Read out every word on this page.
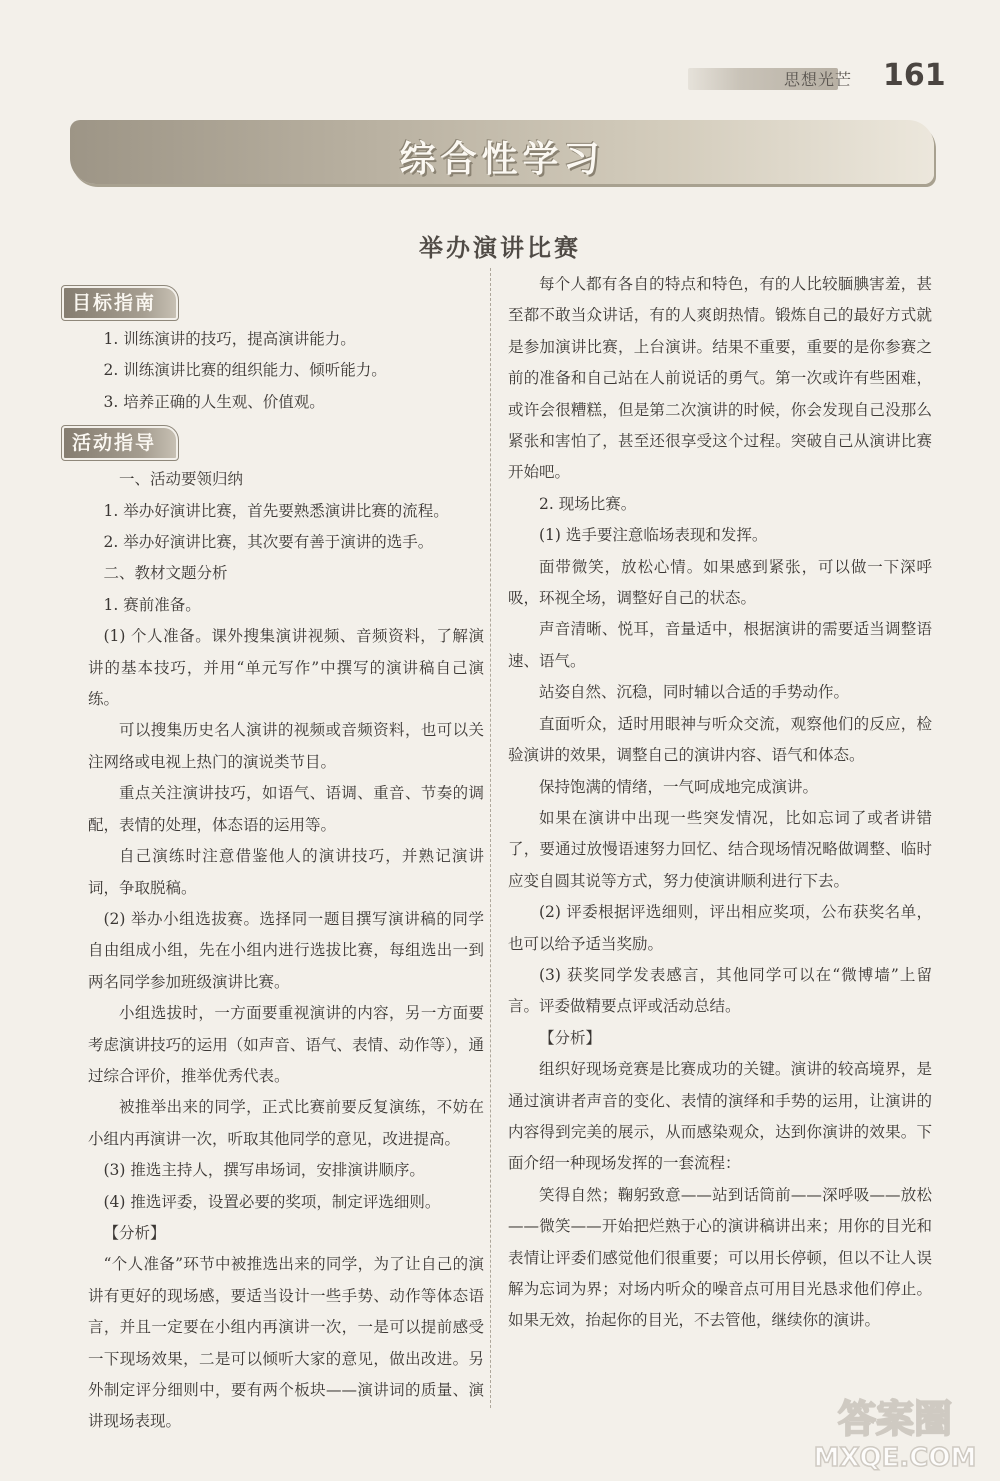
思想光芒 161
综合性学习
举办演讲比赛
目标指南

1. 训练演讲的技巧，提高演讲能力。

2. 训练演讲比赛的组织能力、倾听能力。

3. 培养正确的人生观、价值观。

活动指导

一、活动要领归纳

1. 举办好演讲比赛，首先要熟悉演讲比赛的流程。

2. 举办好演讲比赛，其次要有善于演讲的选手。

二、教材文题分析

1. 赛前准备。

(1) 个人准备。课外搜集演讲视频、音频资料，了解演讲的基本技巧，并用“单元写作”中撰写的演讲稿自己演练。

可以搜集历史名人演讲的视频或音频资料，也可以关注网络或电视上热门的演说类节目。

重点关注演讲技巧，如语气、语调、重音、节奏的调配，表情的处理，体态语的运用等。

自己演练时注意借鉴他人的演讲技巧，并熟记演讲词，争取脱稿。

(2) 举办小组选拔赛。选择同一题目撰写演讲稿的同学自由组成小组，先在小组内进行选拔比赛，每组选出一到两名同学参加班级演讲比赛。

小组选拔时，一方面要重视演讲的内容，另一方面要考虑演讲技巧的运用（如声音、语气、表情、动作等），通过综合评价，推举优秀代表。

被推举出来的同学，正式比赛前要反复演练，不妨在小组内再演讲一次，听取其他同学的意见，改进提高。

(3) 推选主持人，撰写串场词，安排演讲顺序。

(4) 推选评委，设置必要的奖项，制定评选细则。

【分析】

“个人准备”环节中被推选出来的同学，为了让自己的演讲有更好的现场感，要适当设计一些手势、动作等体态语言，并且一定要在小组内再演讲一次，一是可以提前感受一下现场效果，二是可以倾听大家的意见，做出改进。另外制定评分细则中，要有两个板块——演讲词的质量、演讲现场表现。

每个人都有各自的特点和特色，有的人比较腼腆害羞，甚至都不敢当众讲话，有的人爽朗热情。锻炼自己的最好方式就是参加演讲比赛，上台演讲。结果不重要，重要的是你参赛之前的准备和自己站在人前说话的勇气。第一次或许有些困难，或许会很糟糕，但是第二次演讲的时候，你会发现自己没那么紧张和害怕了，甚至还很享受这个过程。突破自己从演讲比赛开始吧。

2. 现场比赛。

(1) 选手要注意临场表现和发挥。

面带微笑，放松心情。如果感到紧张，可以做一下深呼吸，环视全场，调整好自己的状态。

声音清晰、悦耳，音量适中，根据演讲的需要适当调整语速、语气。

站姿自然、沉稳，同时辅以合适的手势动作。

直面听众，适时用眼神与听众交流，观察他们的反应，检验演讲的效果，调整自己的演讲内容、语气和体态。

保持饱满的情绪，一气呵成地完成演讲。

如果在演讲中出现一些突发情况，比如忘词了或者讲错了，要通过放慢语速努力回忆、结合现场情况略做调整、临时应变自圆其说等方式，努力使演讲顺利进行下去。

(2) 评委根据评选细则，评出相应奖项，公布获奖名单，也可以给予适当奖励。

(3) 获奖同学发表感言，其他同学可以在“微博墙”上留言。评委做精要点评或活动总结。

【分析】

组织好现场竞赛是比赛成功的关键。演讲的较高境界，是通过演讲者声音的变化、表情的演绎和手势的运用，让演讲的内容得到完美的展示，从而感染观众，达到你演讲的效果。下面介绍一种现场发挥的一套流程：

笑得自然；鞠躬致意——站到话筒前——深呼吸——放松——微笑——开始把烂熟于心的演讲稿讲出来；用你的目光和表情让评委们感觉他们很重要；可以用长停顿，但以不让人误解为忘词为界；对场内听众的噪音点可用目光恳求他们停止。如果无效，抬起你的目光，不去管他，继续你的演讲。

答案圈
MXQE.COM
